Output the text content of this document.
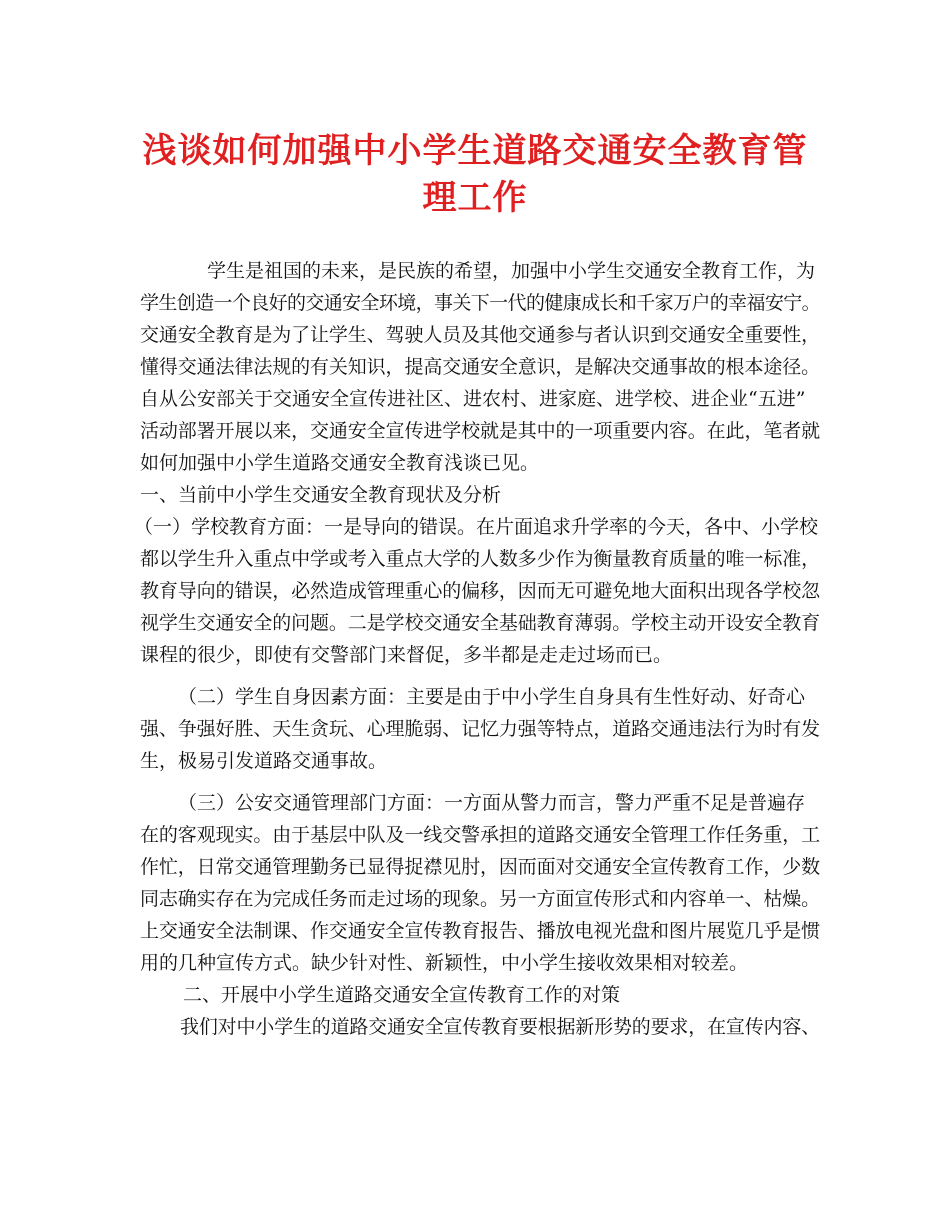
浅谈如何加强中小学生道路交通安全教育管
理工作

学生是祖国的未来，是民族的希望，加强中小学生交通安全教育工作，为

学生创造一个良好的交通安全环境，事关下一代的健康成长和千家万户的幸福安宁。

交通安全教育是为了让学生、驾驶人员及其他交通参与者认识到交通安全重要性，

懂得交通法律法规的有关知识，提高交通安全意识，是解决交通事故的根本途径。

自从公安部关于交通安全宣传进社区、进农村、进家庭、进学校、进企业“五进”

活动部署开展以来，交通安全宣传进学校就是其中的一项重要内容。在此，笔者就

如何加强中小学生道路交通安全教育浅谈已见。

一、当前中小学生交通安全教育现状及分析

（一）学校教育方面：一是导向的错误。在片面追求升学率的今天，各中、小学校

都以学生升入重点中学或考入重点大学的人数多少作为衡量教育质量的唯一标准，

教育导向的错误，必然造成管理重心的偏移，因而无可避免地大面积出现各学校忽

视学生交通安全的问题。二是学校交通安全基础教育薄弱。学校主动开设安全教育

课程的很少，即使有交警部门来督促，多半都是走走过场而已。

（二）学生自身因素方面：主要是由于中小学生自身具有生性好动、好奇心

强、争强好胜、天生贪玩、心理脆弱、记忆力强等特点，道路交通违法行为时有发

生，极易引发道路交通事故。

（三）公安交通管理部门方面：一方面从警力而言，警力严重不足是普遍存

在的客观现实。由于基层中队及一线交警承担的道路交通安全管理工作任务重，工

作忙，日常交通管理勤务已显得捉襟见肘，因而面对交通安全宣传教育工作，少数

同志确实存在为完成任务而走过场的现象。另一方面宣传形式和内容单一、枯燥。

上交通安全法制课、作交通安全宣传教育报告、播放电视光盘和图片展览几乎是惯

用的几种宣传方式。缺少针对性、新颖性，中小学生接收效果相对较差。

二、开展中小学生道路交通安全宣传教育工作的对策

我们对中小学生的道路交通安全宣传教育要根据新形势的要求，在宣传内容、
